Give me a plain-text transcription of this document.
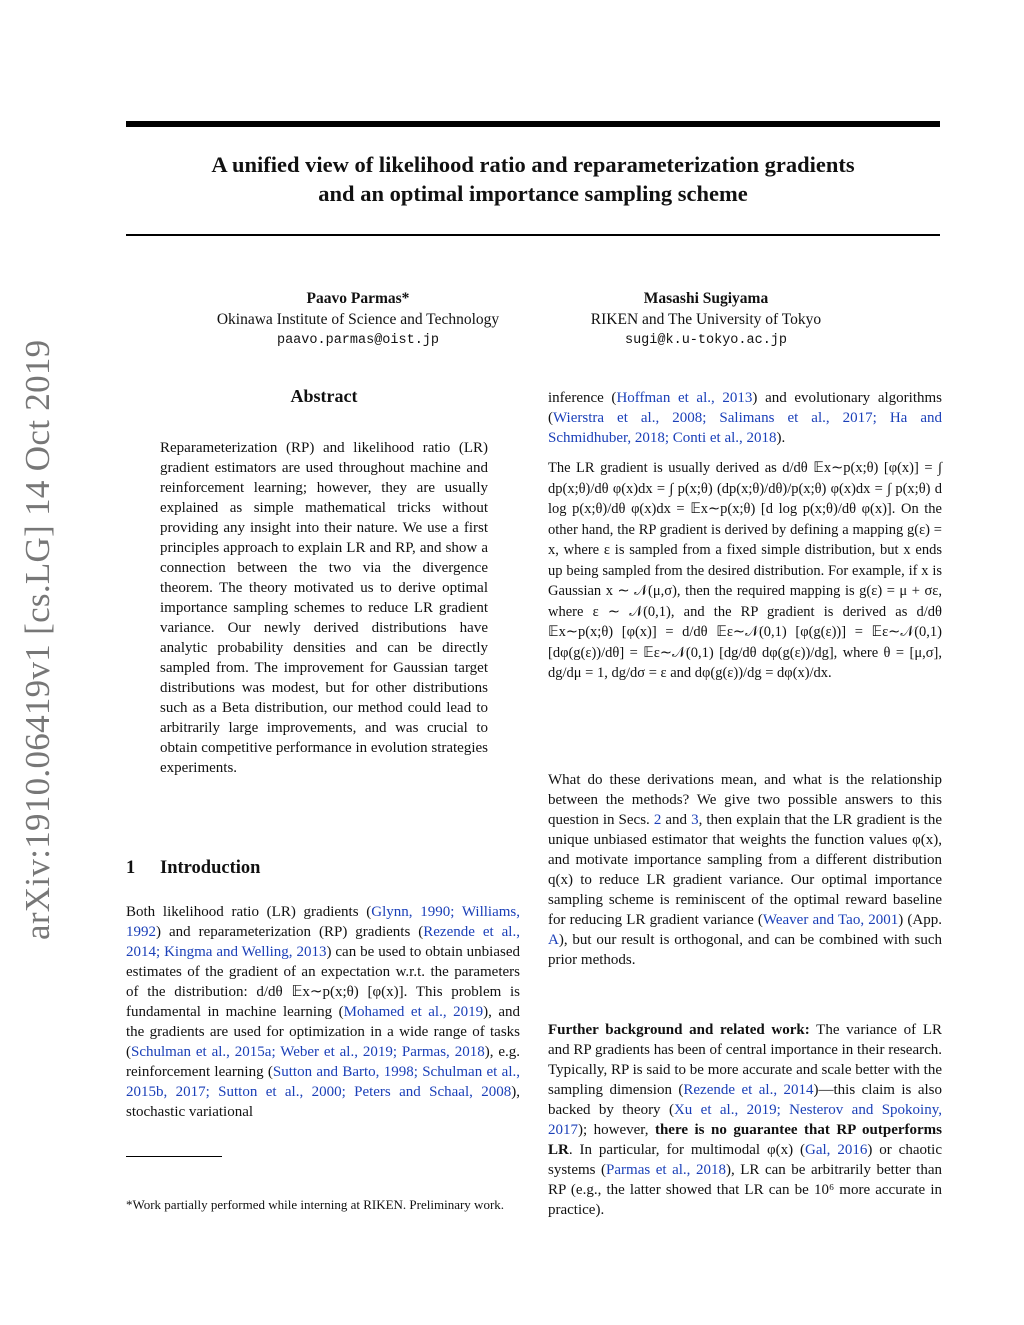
arXiv:1910.06419v1 [cs.LG] 14 Oct 2019
A unified view of likelihood ratio and reparameterization gradients
and an optimal importance sampling scheme
Paavo Parmas*
Okinawa Institute of Science and Technology
paavo.parmas@oist.jp
Masashi Sugiyama
RIKEN and The University of Tokyo
sugi@k.u-tokyo.ac.jp
Abstract

Reparameterization (RP) and likelihood ratio (LR) gradient estimators are used throughout machine and reinforcement learning; however, they are usually explained as simple mathematical tricks without providing any insight into their nature. We use a first principles approach to explain LR and RP, and show a connection between the two via the divergence theorem. The theory motivated us to derive optimal importance sampling schemes to reduce LR gradient variance. Our newly derived distributions have analytic probability densities and can be directly sampled from. The improvement for Gaussian target distributions was modest, but for other distributions such as a Beta distribution, our method could lead to arbitrarily large improvements, and was crucial to obtain competitive performance in evolution strategies experiments.

1 Introduction

Both likelihood ratio (LR) gradients (Glynn, 1990; Williams, 1992) and reparameterization (RP) gradients (Rezende et al., 2014; Kingma and Welling, 2013) can be used to obtain unbiased estimates of the gradient of an expectation w.r.t. the parameters of the distribution: d/dθ 𝔼x∼p(x;θ) [φ(x)]. This problem is fundamental in machine learning (Mohamed et al., 2019), and the gradients are used for optimization in a wide range of tasks (Schulman et al., 2015a; Weber et al., 2019; Parmas, 2018), e.g. reinforcement learning (Sutton and Barto, 1998; Schulman et al., 2015b, 2017; Sutton et al., 2000; Peters and Schaal, 2008), stochastic variational

inference (Hoffman et al., 2013) and evolutionary algorithms (Wierstra et al., 2008; Salimans et al., 2017; Ha and Schmidhuber, 2018; Conti et al., 2018).

The LR gradient is usually derived as d/dθ 𝔼x∼p(x;θ) [φ(x)] = ∫ dp(x;θ)/dθ φ(x)dx = ∫ p(x;θ) (dp(x;θ)/dθ)/p(x;θ) φ(x)dx = ∫ p(x;θ) d log p(x;θ)/dθ φ(x)dx = 𝔼x∼p(x;θ) [d log p(x;θ)/dθ φ(x)]. On the other hand, the RP gradient is derived by defining a mapping g(ε) = x, where ε is sampled from a fixed simple distribution, but x ends up being sampled from the desired distribution. For example, if x is Gaussian x ∼ 𝒩(μ,σ), then the required mapping is g(ε) = μ + σε, where ε ∼ 𝒩(0,1), and the RP gradient is derived as d/dθ 𝔼x∼p(x;θ) [φ(x)] = d/dθ 𝔼ε∼𝒩(0,1) [φ(g(ε))] = 𝔼ε∼𝒩(0,1) [dφ(g(ε))/dθ] = 𝔼ε∼𝒩(0,1) [dg/dθ dφ(g(ε))/dg], where θ = [μ,σ], dg/dμ = 1, dg/dσ = ε and dφ(g(ε))/dg = dφ(x)/dx.

What do these derivations mean, and what is the relationship between the methods? We give two possible answers to this question in Secs. 2 and 3, then explain that the LR gradient is the unique unbiased estimator that weights the function values φ(x), and motivate importance sampling from a different distribution q(x) to reduce LR gradient variance. Our optimal importance sampling scheme is reminiscent of the optimal reward baseline for reducing LR gradient variance (Weaver and Tao, 2001) (App. A), but our result is orthogonal, and can be combined with such prior methods.

Further background and related work: The variance of LR and RP gradients has been of central importance in their research. Typically, RP is said to be more accurate and scale better with the sampling dimension (Rezende et al., 2014)—this claim is also backed by theory (Xu et al., 2019; Nesterov and Spokoiny, 2017); however, there is no guarantee that RP outperforms LR. In particular, for multimodal φ(x) (Gal, 2016) or chaotic systems (Parmas et al., 2018), LR can be arbitrarily better than RP (e.g., the latter showed that LR can be 10⁶ more accurate in practice).

*Work partially performed while interning at RIKEN. Preliminary work.
